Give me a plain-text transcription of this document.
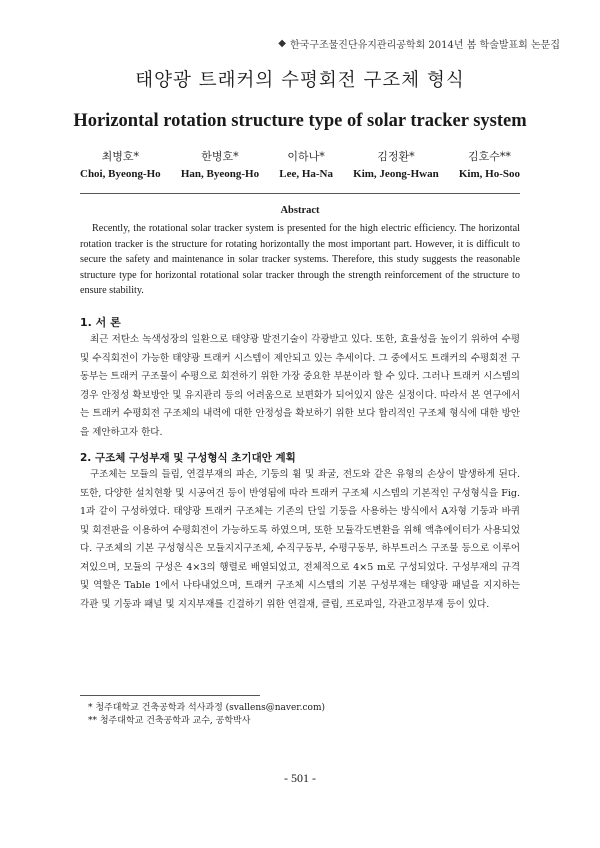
◆ 한국구조물진단유지관리공학회 2014년 봄 학술발표회 논문집
태양광 트래커의 수평회전 구조체 형식
Horizontal rotation structure type of solar tracker system
최병호*
Choi, Byeong-Ho
한병호*
Han, Byeong-Ho
이하나*
Lee, Ha-Na
김정환*
Kim, Jeong-Hwan
김호수**
Kim, Ho-Soo
Abstract

Recently, the rotational solar tracker system is presented for the high electric efficiency. The horizontal rotation tracker is the structure for rotating horizontally the most important part. However, it is difficult to secure the safety and maintenance in solar tracker systems. Therefore, this study suggests the reasonable structure type for horizontal rotational solar tracker through the strength reinforcement of the structure to ensure stability.

1. 서 론

최근 저탄소 녹색성장의 일환으로 태양광 발전기술이 각광받고 있다. 또한, 효율성을 높이기 위하여 수평 및 수직회전이 가능한 태양광 트래커 시스템이 제안되고 있는 추세이다. 그 중에서도 트래커의 수평회전 구동부는 트래커 구조물이 수평으로 회전하기 위한 가장 중요한 부분이라 할 수 있다. 그러나 트래커 시스템의 경우 안정성 확보방안 및 유지관리 등의 어려움으로 보편화가 되어있지 않은 실정이다. 따라서 본 연구에서는 트래커 수평회전 구조체의 내력에 대한 안정성을 확보하기 위한 보다 합리적인 구조체 형식에 대한 방안을 제안하고자 한다.

2. 구조체 구성부재 및 구성형식 초기대안 계획

구조체는 모듈의 들림, 연결부재의 파손, 기둥의 휨 및 좌굴, 전도와 같은 유형의 손상이 발생하게 된다. 또한, 다양한 설치현황 및 시공여건 등이 반영됨에 따라 트래커 구조체 시스템의 기본적인 구성형식을 Fig. 1과 같이 구성하였다. 태양광 트래커 구조체는 기존의 단일 기둥을 사용하는 방식에서 A자형 기둥과 바퀴 및 회전판을 이용하여 수평회전이 가능하도록 하였으며, 또한 모듈각도변환을 위해 액츄에이터가 사용되었다. 구조체의 기본 구성형식은 모듈지지구조체, 수직구동부, 수평구동부, 하부트러스 구조물 등으로 이루어져있으며, 모듈의 구성은 4×3의 행렬로 배열되었고, 전체적으로 4×5 m로 구성되었다. 구성부재의 규격 및 역할은 Table 1에서 나타내었으며, 트래커 구조체 시스템의 기본 구성부재는 태양광 패널을 지지하는 각관 및 기둥과 패널 및 지지부재를 긴결하기 위한 연결재, 클립, 프로파일, 각관고정부재 등이 있다.

* 청주대학교 건축공학과 석사과정 (svallens@naver.com)
** 청주대학교 건축공학과 교수, 공학박사
- 501 -
